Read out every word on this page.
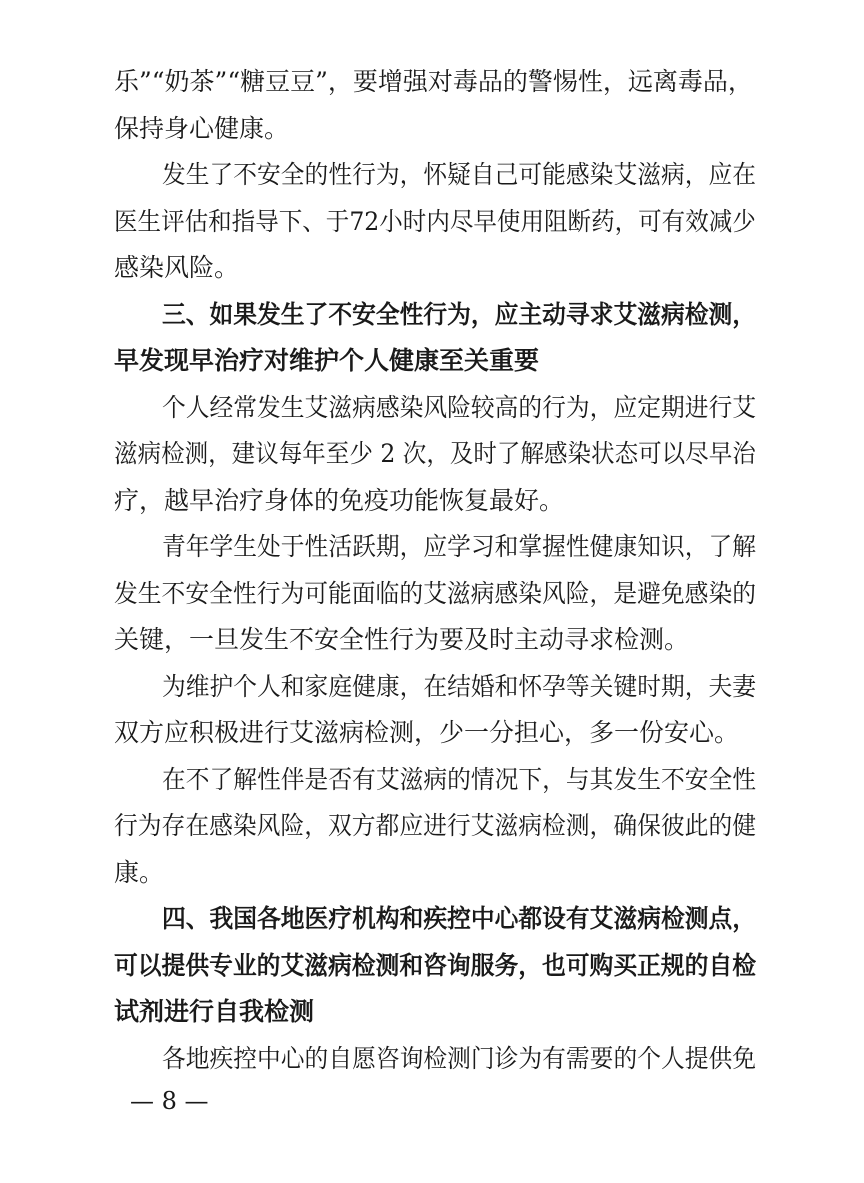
乐”“奶茶”“糖豆豆”，要增强对毒品的警惕性，远离毒品，
保持身心健康。
发生了不安全的性行为，怀疑自己可能感染艾滋病，应在
医生评估和指导下、于72小时内尽早使用阻断药，可有效减少
感染风险。
三、如果发生了不安全性行为，应主动寻求艾滋病检测，
早发现早治疗对维护个人健康至关重要
个人经常发生艾滋病感染风险较高的行为，应定期进行艾
滋病检测，建议每年至少 2 次，及时了解感染状态可以尽早治
疗，越早治疗身体的免疫功能恢复最好。
青年学生处于性活跃期，应学习和掌握性健康知识，了解
发生不安全性行为可能面临的艾滋病感染风险，是避免感染的
关键，一旦发生不安全性行为要及时主动寻求检测。
为维护个人和家庭健康，在结婚和怀孕等关键时期，夫妻
双方应积极进行艾滋病检测，少一分担心，多一份安心。
在不了解性伴是否有艾滋病的情况下，与其发生不安全性
行为存在感染风险，双方都应进行艾滋病检测，确保彼此的健
康。
四、我国各地医疗机构和疾控中心都设有艾滋病检测点，
可以提供专业的艾滋病检测和咨询服务，也可购买正规的自检
试剂进行自我检测
各地疾控中心的自愿咨询检测门诊为有需要的个人提供免
— 8 —
